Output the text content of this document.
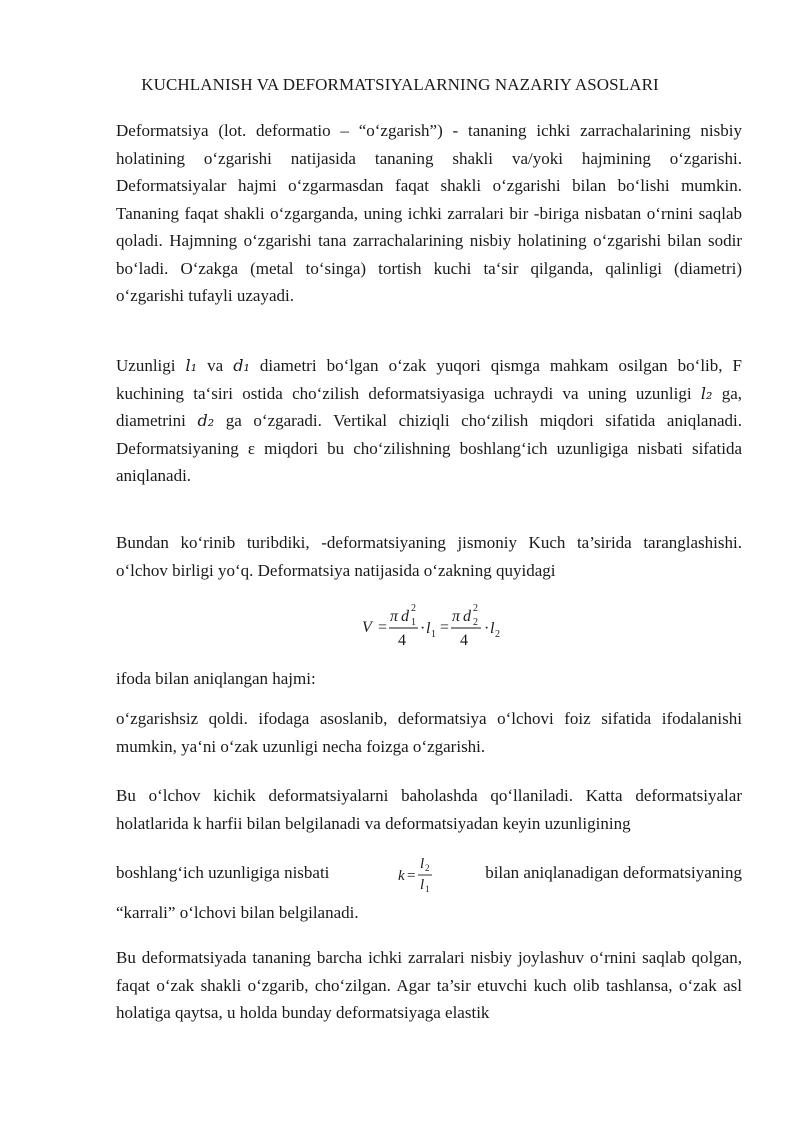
KUCHLANISH VA DEFORMATSIYALARNING NAZARIY ASOSLARI
Deformatsiya (lot. deformatio – “o‘zgarish”) - tananing ichki zarrachalarining nisbiy holatining o‘zgarishi natijasida tananing shakli va/yoki hajmining o‘zgarishi. Deformatsiyalar hajmi o‘zgarmasdan faqat shakli o‘zgarishi bilan bo‘lishi mumkin. Tananing faqat shakli o‘zgarganda, uning ichki zarralari bir -biriga nisbatan o‘rnini saqlab qoladi. Hajmning o‘zgarishi tana zarrachalarining nisbiy holatining o‘zgarishi bilan sodir bo‘ladi. O‘zakga (metal to‘singa) tortish kuchi ta‘sir qilganda, qalinligi (diametri) o‘zgarishi tufayli uzayadi.
Uzunligi l₁ va d₁ diametri bo‘lgan o‘zak yuqori qismga mahkam osilgan bo‘lib, F kuchining ta‘siri ostida cho‘zilish deformatsiyasiga uchraydi va uning uzunligi l₂ ga, diametrini d₂ ga o‘zgaradi. Vertikal chiziqli cho‘zilish miqdori sifatida aniqlanadi. Deformatsiyaning ε miqdori bu cho‘zilishning boshlang‘ich uzunligiga nisbati sifatida aniqlanadi.
Bundan ko‘rinib turibdiki, -deformatsiyaning jismoniy Kuch ta’sirida taranglashishi. o‘lchov birligi yo‘q. Deformatsiya natijasida o‘zakning quyidagi
V =
π d 2
1
4
· l 1 =
π d 2
2
4
· l 2
ifoda bilan aniqlangan hajmi:
o‘zgarishsiz qoldi. ifodaga asoslanib, deformatsiya o‘lchovi foiz sifatida ifodalanishi mumkin, ya‘ni o‘zak uzunligi necha foizga o‘zgarishi.
Bu o‘lchov kichik deformatsiyalarni baholashda qo‘llaniladi. Katta deformatsiyalar holatlarida k harfii bilan belgilanadi va deformatsiyadan keyin uzunligining
boshlang‘ich uzunligiga nisbati	k =
l 2
l 1
bilan aniqlanadigan deformatsiyaning
“karrali” o‘lchovi bilan belgilanadi.
Bu deformatsiyada tananing barcha ichki zarralari nisbiy joylashuv o‘rnini saqlab qolgan, faqat o‘zak shakli o‘zgarib, cho‘zilgan. Agar ta’sir etuvchi kuch olib tashlansa, o‘zak asl holatiga qaytsa, u holda bunday deformatsiyaga elastik
